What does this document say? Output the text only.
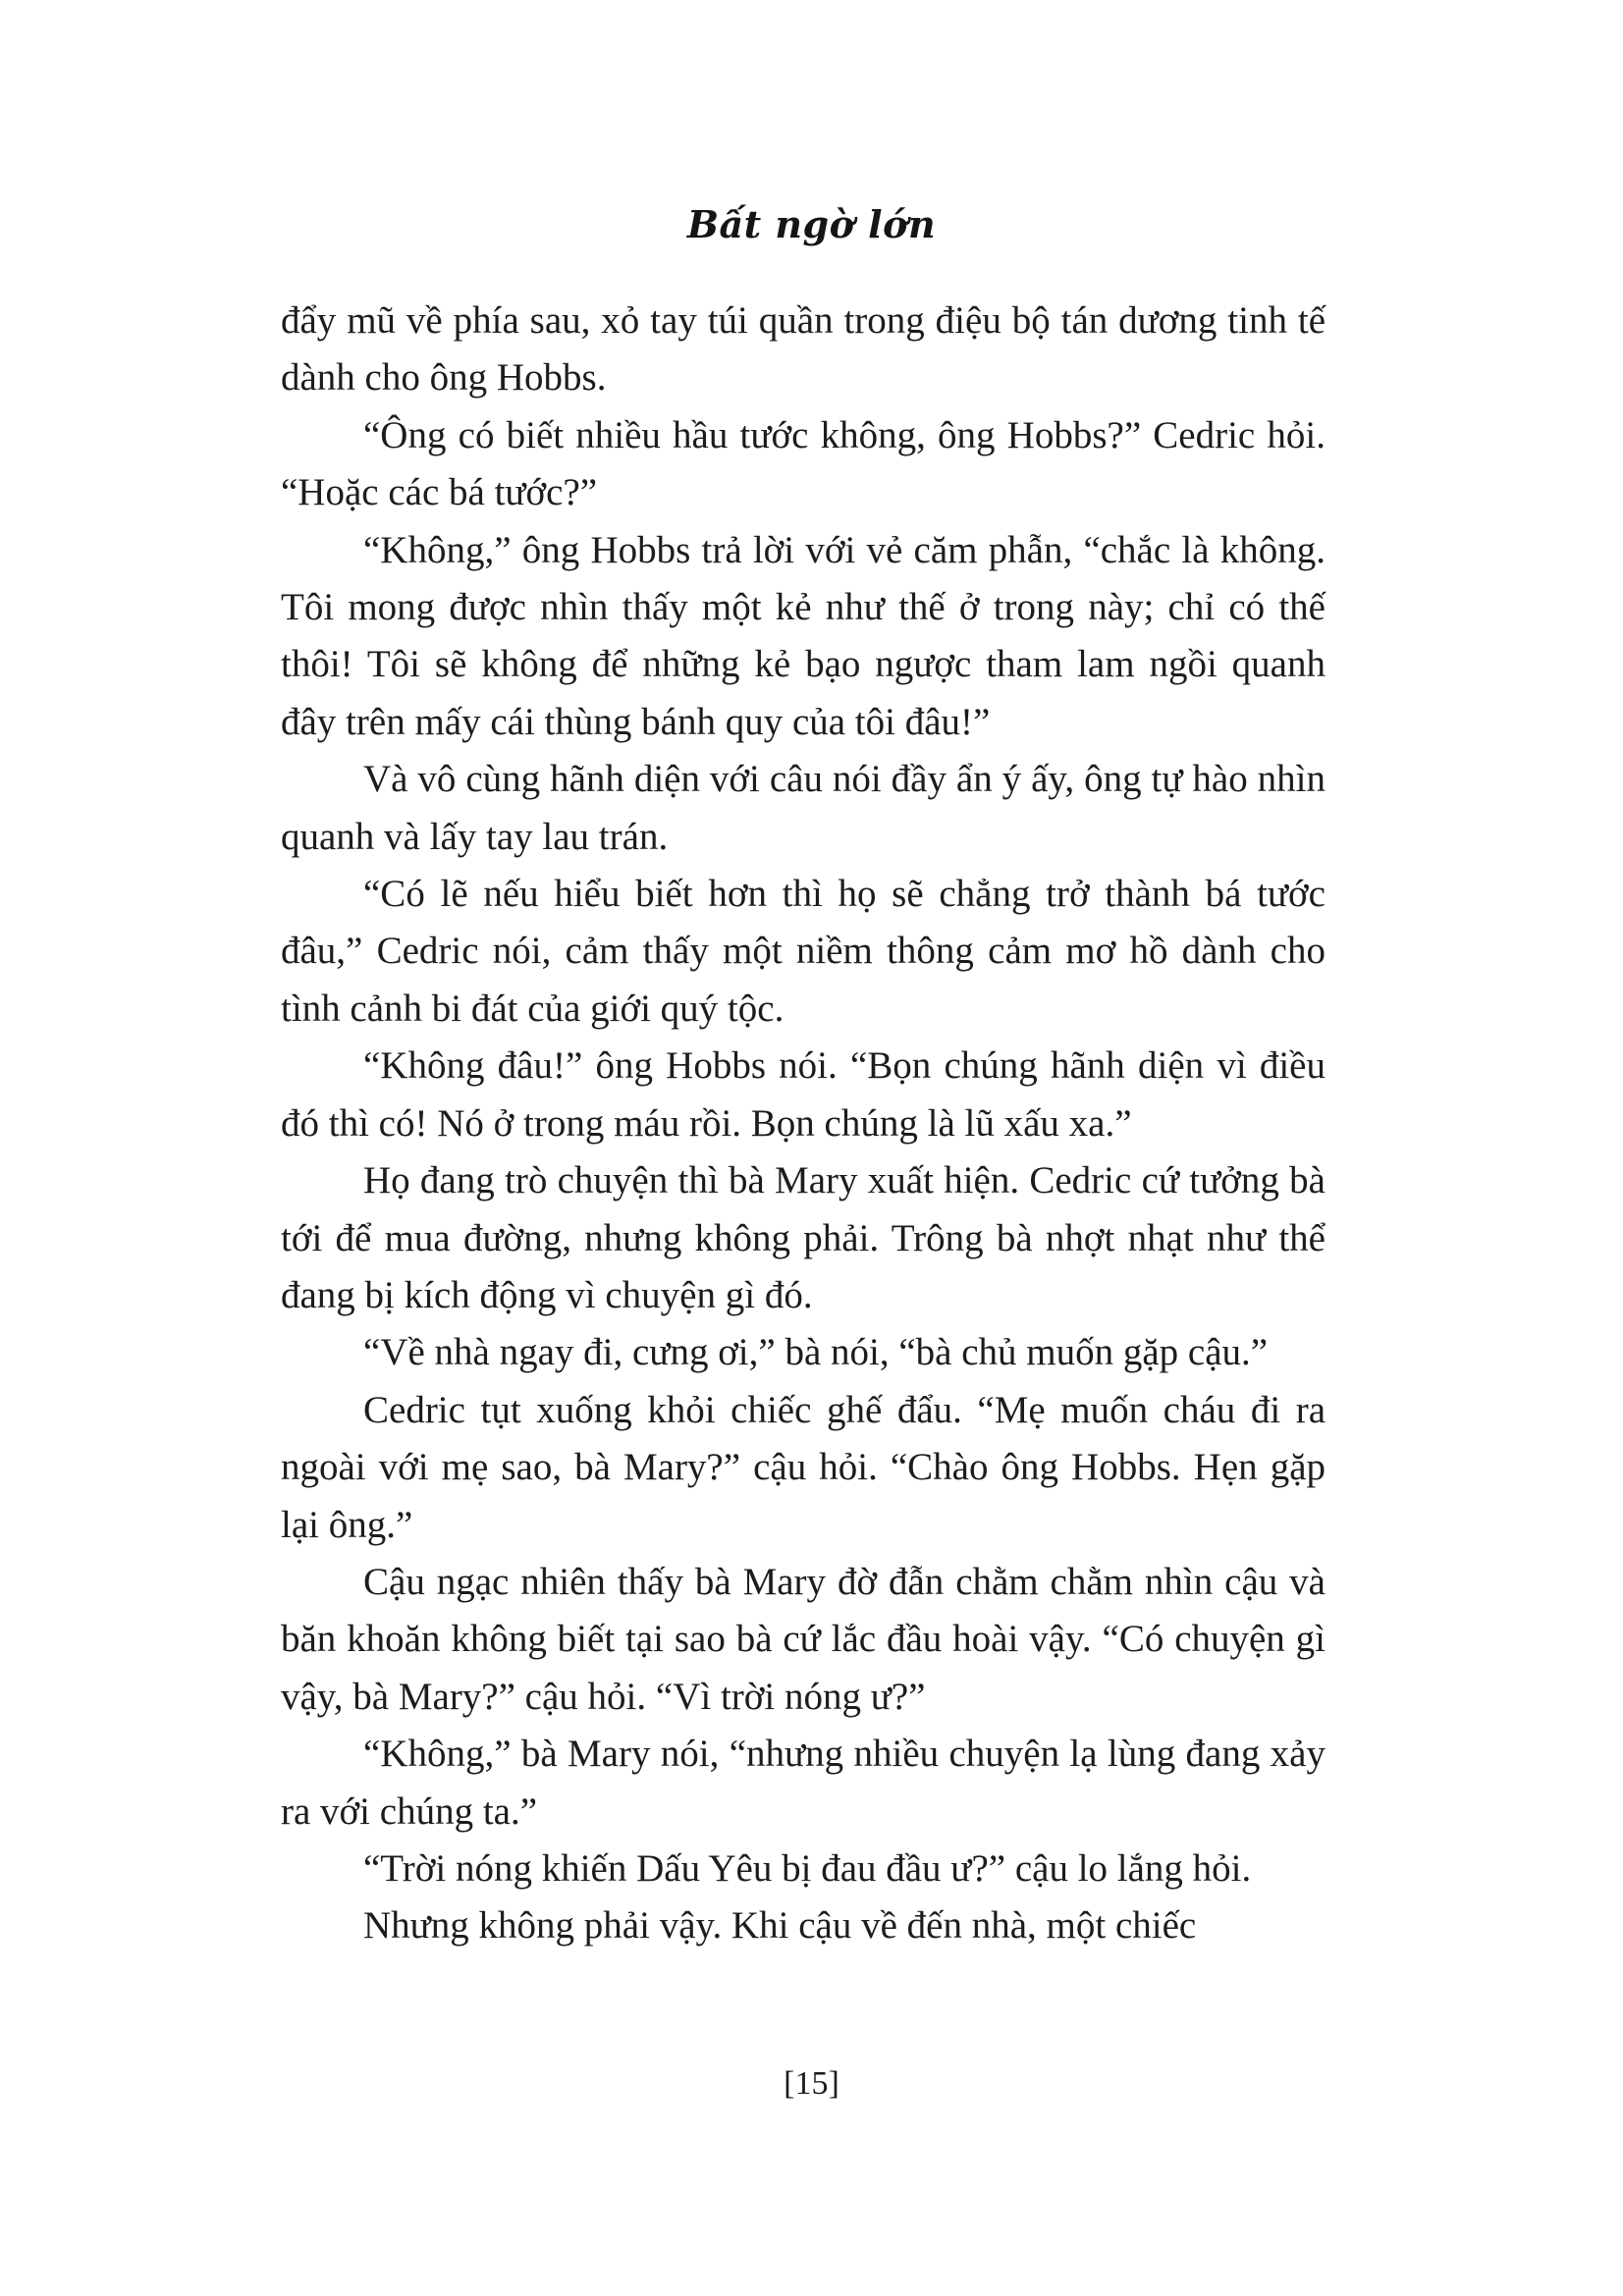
Bất ngờ lớn

đẩy mũ về phía sau, xỏ tay túi quần trong điệu bộ tán dương tinh tế dành cho ông Hobbs.

“Ông có biết nhiều hầu tước không, ông Hobbs?” Cedric hỏi. “Hoặc các bá tước?”

“Không,” ông Hobbs trả lời với vẻ căm phẫn, “chắc là không. Tôi mong được nhìn thấy một kẻ như thế ở trong này; chỉ có thế thôi! Tôi sẽ không để những kẻ bạo ngược tham lam ngồi quanh đây trên mấy cái thùng bánh quy của tôi đâu!”

Và vô cùng hãnh diện với câu nói đầy ẩn ý ấy, ông tự hào nhìn quanh và lấy tay lau trán.

“Có lẽ nếu hiểu biết hơn thì họ sẽ chẳng trở thành bá tước đâu,” Cedric nói, cảm thấy một niềm thông cảm mơ hồ dành cho tình cảnh bi đát của giới quý tộc.

“Không đâu!” ông Hobbs nói. “Bọn chúng hãnh diện vì điều đó thì có! Nó ở trong máu rồi. Bọn chúng là lũ xấu xa.”

Họ đang trò chuyện thì bà Mary xuất hiện. Cedric cứ tưởng bà tới để mua đường, nhưng không phải. Trông bà nhợt nhạt như thể đang bị kích động vì chuyện gì đó.

“Về nhà ngay đi, cưng ơi,” bà nói, “bà chủ muốn gặp cậu.”

Cedric tụt xuống khỏi chiếc ghế đẩu. “Mẹ muốn cháu đi ra ngoài với mẹ sao, bà Mary?” cậu hỏi. “Chào ông Hobbs. Hẹn gặp lại ông.”

Cậu ngạc nhiên thấy bà Mary đờ đẫn chằm chằm nhìn cậu và băn khoăn không biết tại sao bà cứ lắc đầu hoài vậy. “Có chuyện gì vậy, bà Mary?” cậu hỏi. “Vì trời nóng ư?”

“Không,” bà Mary nói, “nhưng nhiều chuyện lạ lùng đang xảy ra với chúng ta.”

“Trời nóng khiến Dấu Yêu bị đau đầu ư?” cậu lo lắng hỏi.

Nhưng không phải vậy. Khi cậu về đến nhà, một chiếc

[15]
